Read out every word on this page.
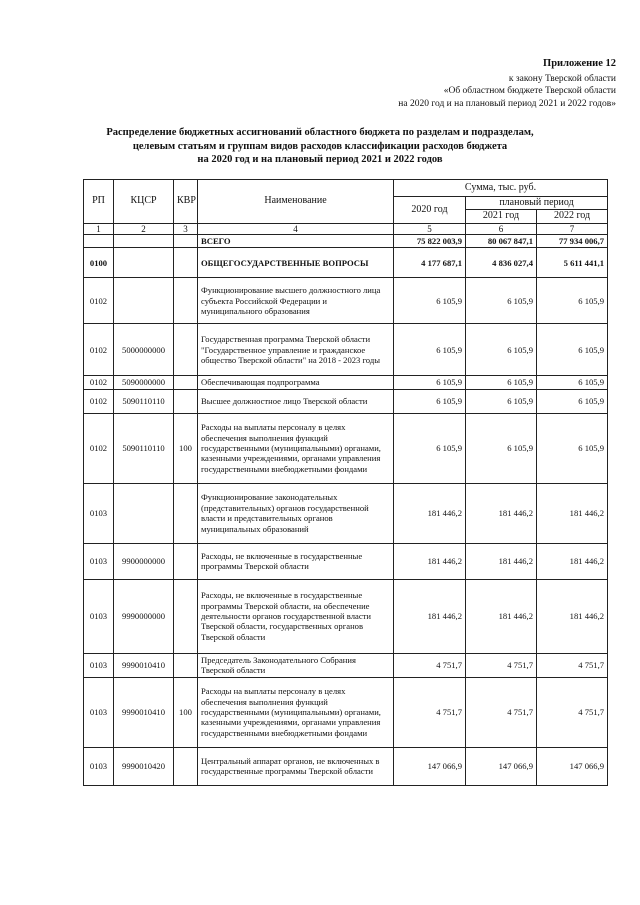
Приложение 12
к закону Тверской области
«Об областном бюджете Тверской области
на 2020 год и на плановый период 2021 и 2022 годов»
Распределение бюджетных ассигнований областного бюджета по разделам и подразделам,
целевым статьям и группам видов расходов классификации расходов бюджета
на 2020 год и на плановый период 2021 и 2022 годов
РП	КЦСР	КВР	Наименование	Сумма, тыс. руб.		
				2020 год	плановый период	
					2021 год	2022 год
1	2	3	4	5	6	7
			ВСЕГО	75 822 003,9	80 067 847,1	77 934 006,7
0100			ОБЩЕГОСУДАРСТВЕННЫЕ ВОПРОСЫ	4 177 687,1	4 836 027,4	5 611 441,1
0102			Функционирование высшего должностного лица субъекта Российской Федерации и муниципального образования	6 105,9	6 105,9	6 105,9
0102	5000000000		Государственная программа Тверской области "Государственное управление и гражданское общество Тверской области" на 2018 - 2023 годы	6 105,9	6 105,9	6 105,9
0102	5090000000		Обеспечивающая подпрограмма	6 105,9	6 105,9	6 105,9
0102	5090110110		Высшее должностное лицо Тверской области	6 105,9	6 105,9	6 105,9
0102	5090110110	100	Расходы на выплаты персоналу в целях обеспечения выполнения функций государственными (муниципальными) органами, казенными учреждениями, органами управления государственными внебюджетными фондами	6 105,9	6 105,9	6 105,9
0103			Функционирование законодательных (представительных) органов государственной власти и представительных органов муниципальных образований	181 446,2	181 446,2	181 446,2
0103	9900000000		Расходы, не включенные в государственные программы Тверской области	181 446,2	181 446,2	181 446,2
0103	9990000000		Расходы, не включенные в государственные программы Тверской области, на обеспечение деятельности органов государственной власти Тверской области, государственных органов Тверской области	181 446,2	181 446,2	181 446,2
0103	9990010410		Председатель Законодательного Собрания Тверской области	4 751,7	4 751,7	4 751,7
0103	9990010410	100	Расходы на выплаты персоналу в целях обеспечения выполнения функций государственными (муниципальными) органами, казенными учреждениями, органами управления государственными внебюджетными фондами	4 751,7	4 751,7	4 751,7
0103	9990010420		Центральный аппарат органов, не включенных в государственные программы Тверской области	147 066,9	147 066,9	147 066,9
